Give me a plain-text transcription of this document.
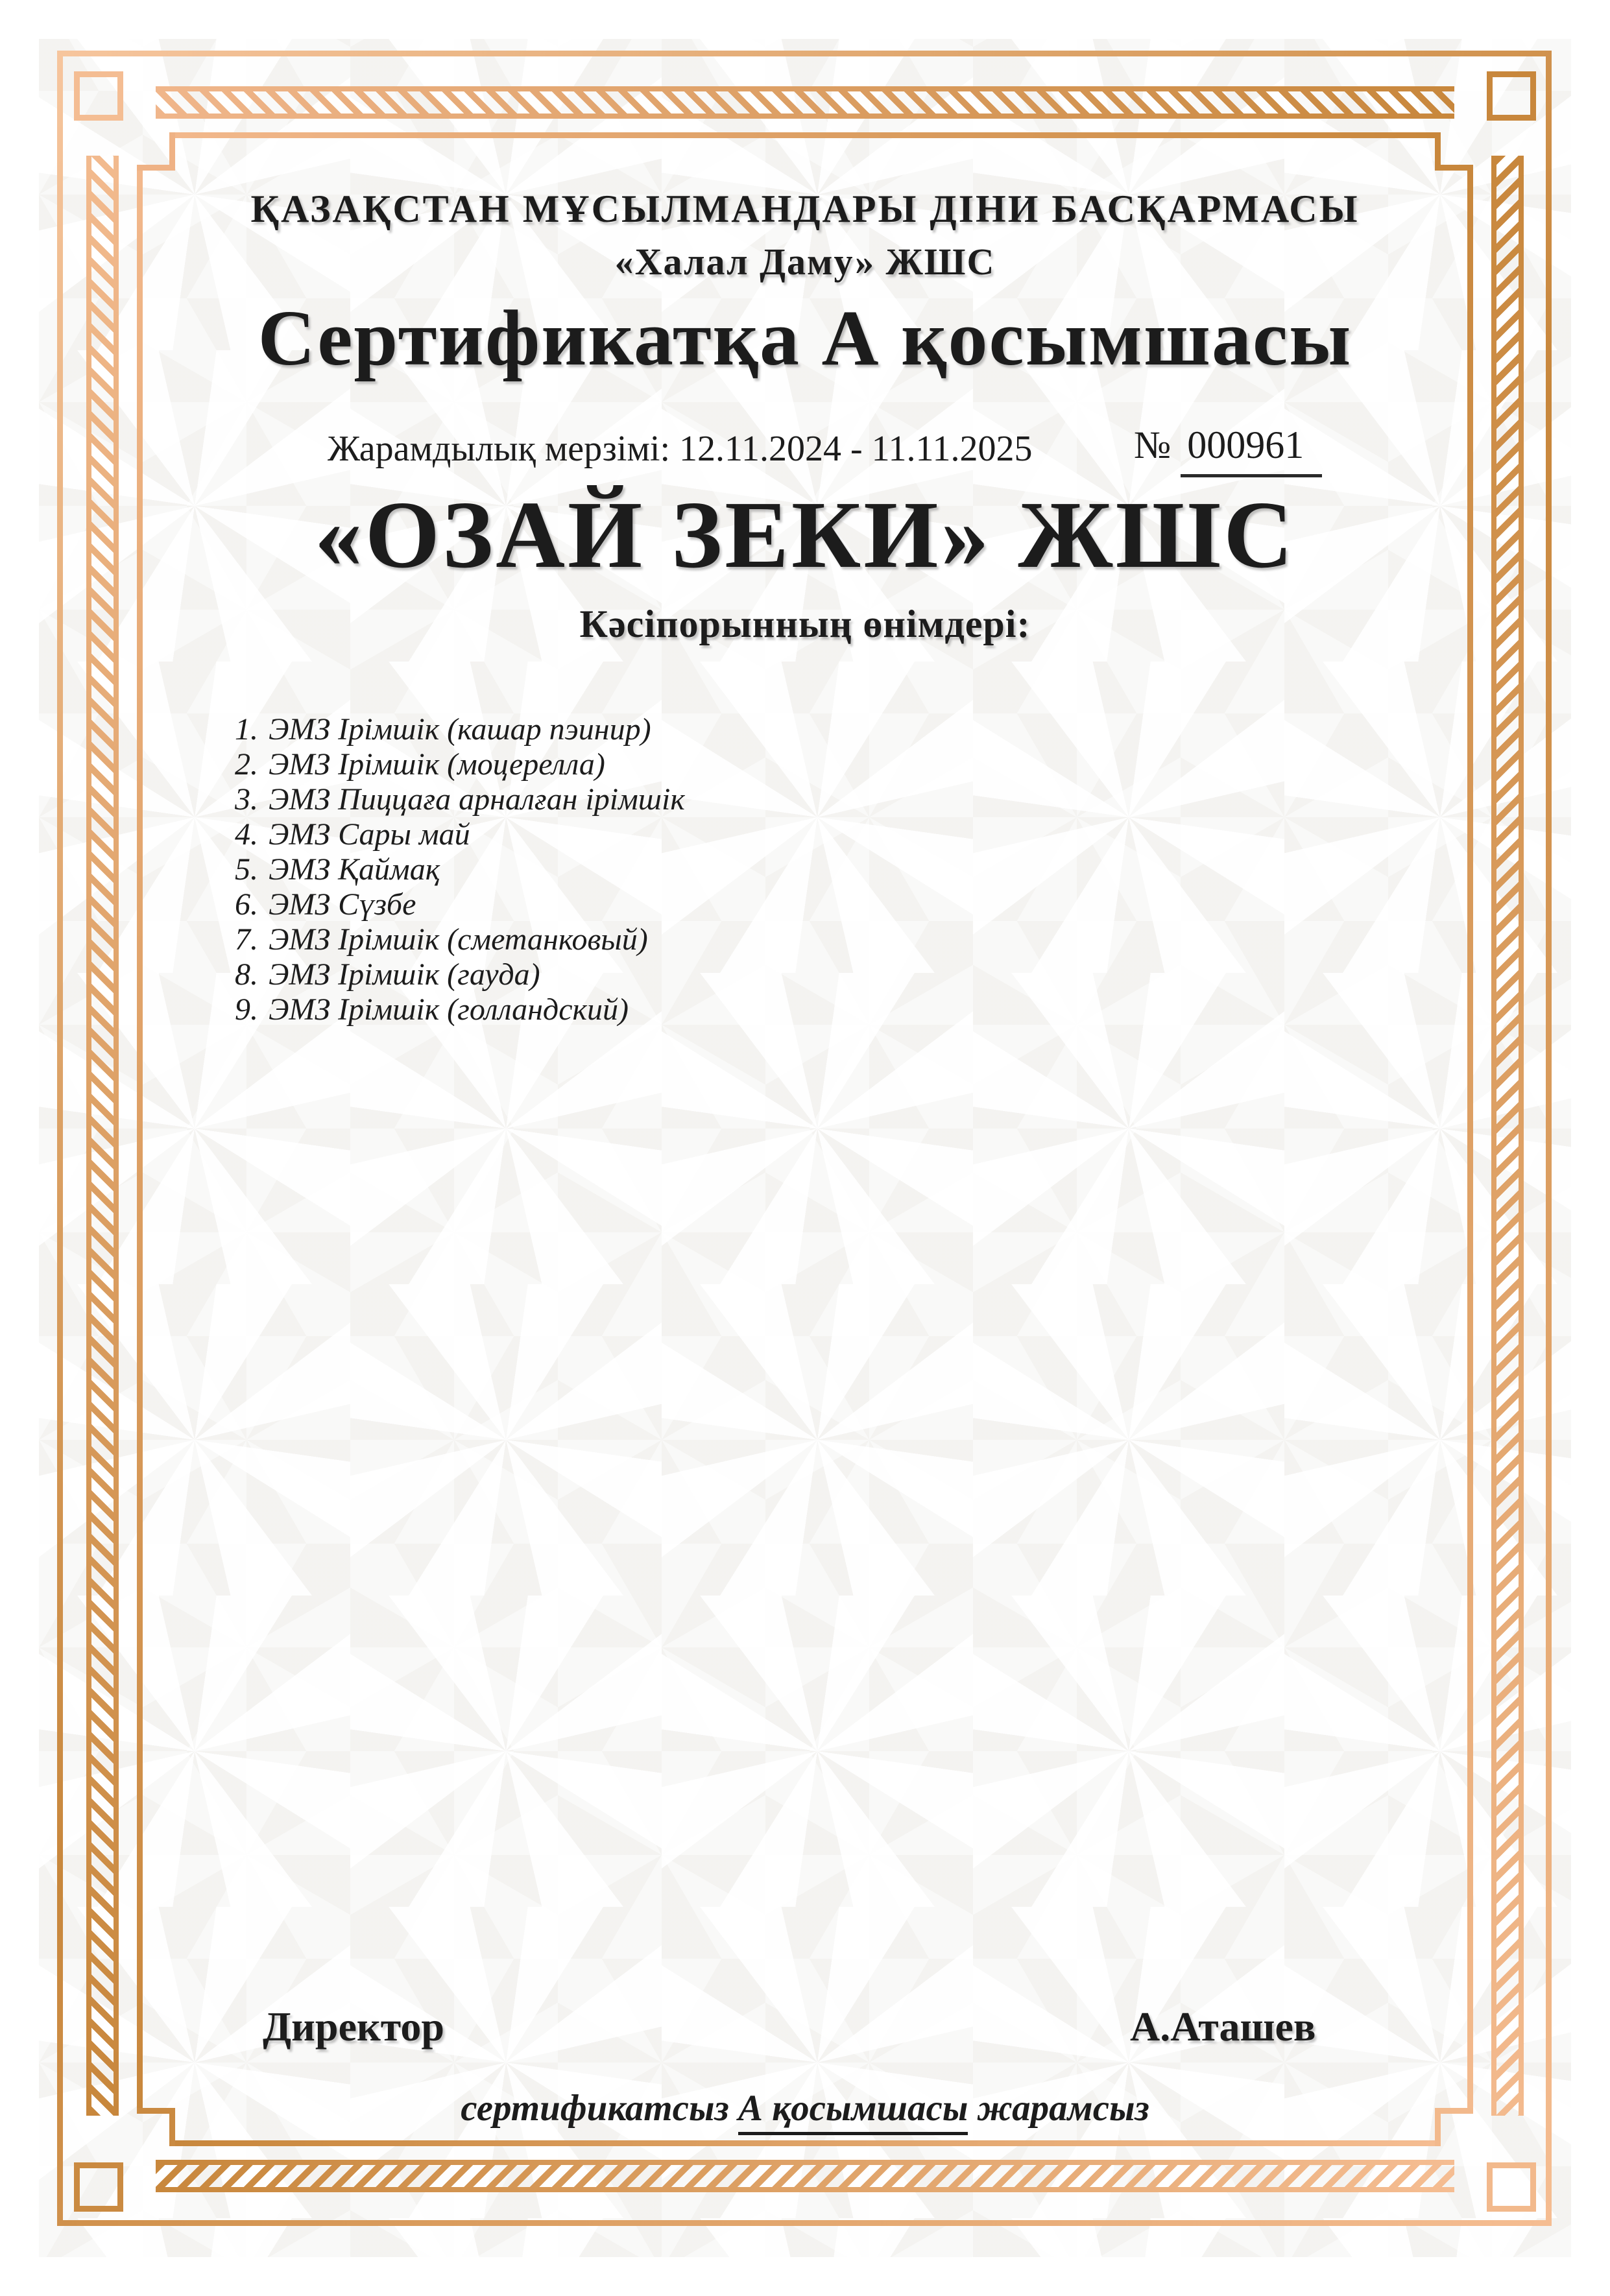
ҚАЗАҚСТАН МҰСЫЛМАНДАРЫ ДІНИ БАСҚАРМАСЫ
«Халал Даму» ЖШС
Сертификатқа А қосымшасы
Жарамдылық мерзімі: 12.11.2024 - 11.11.2025	№ 000961
«ОЗАЙ ЗЕКИ» ЖШС
Кәсіпорынның өнімдері:
1. ЭМЗ Ірімшік (кашар пэинир)
2. ЭМЗ Ірімшік (моцерелла)
3. ЭМЗ Пиццаға арналған ірімшік
4. ЭМЗ Сары май
5. ЭМЗ Қаймақ
6. ЭМЗ Сүзбе
7. ЭМЗ Ірімшік (сметанковый)
8. ЭМЗ Ірімшік (гауда)
9. ЭМЗ Ірімшік (голландский)
Директор	А.Аташев
сертификатсыз А қосымшасы жарамсыз
